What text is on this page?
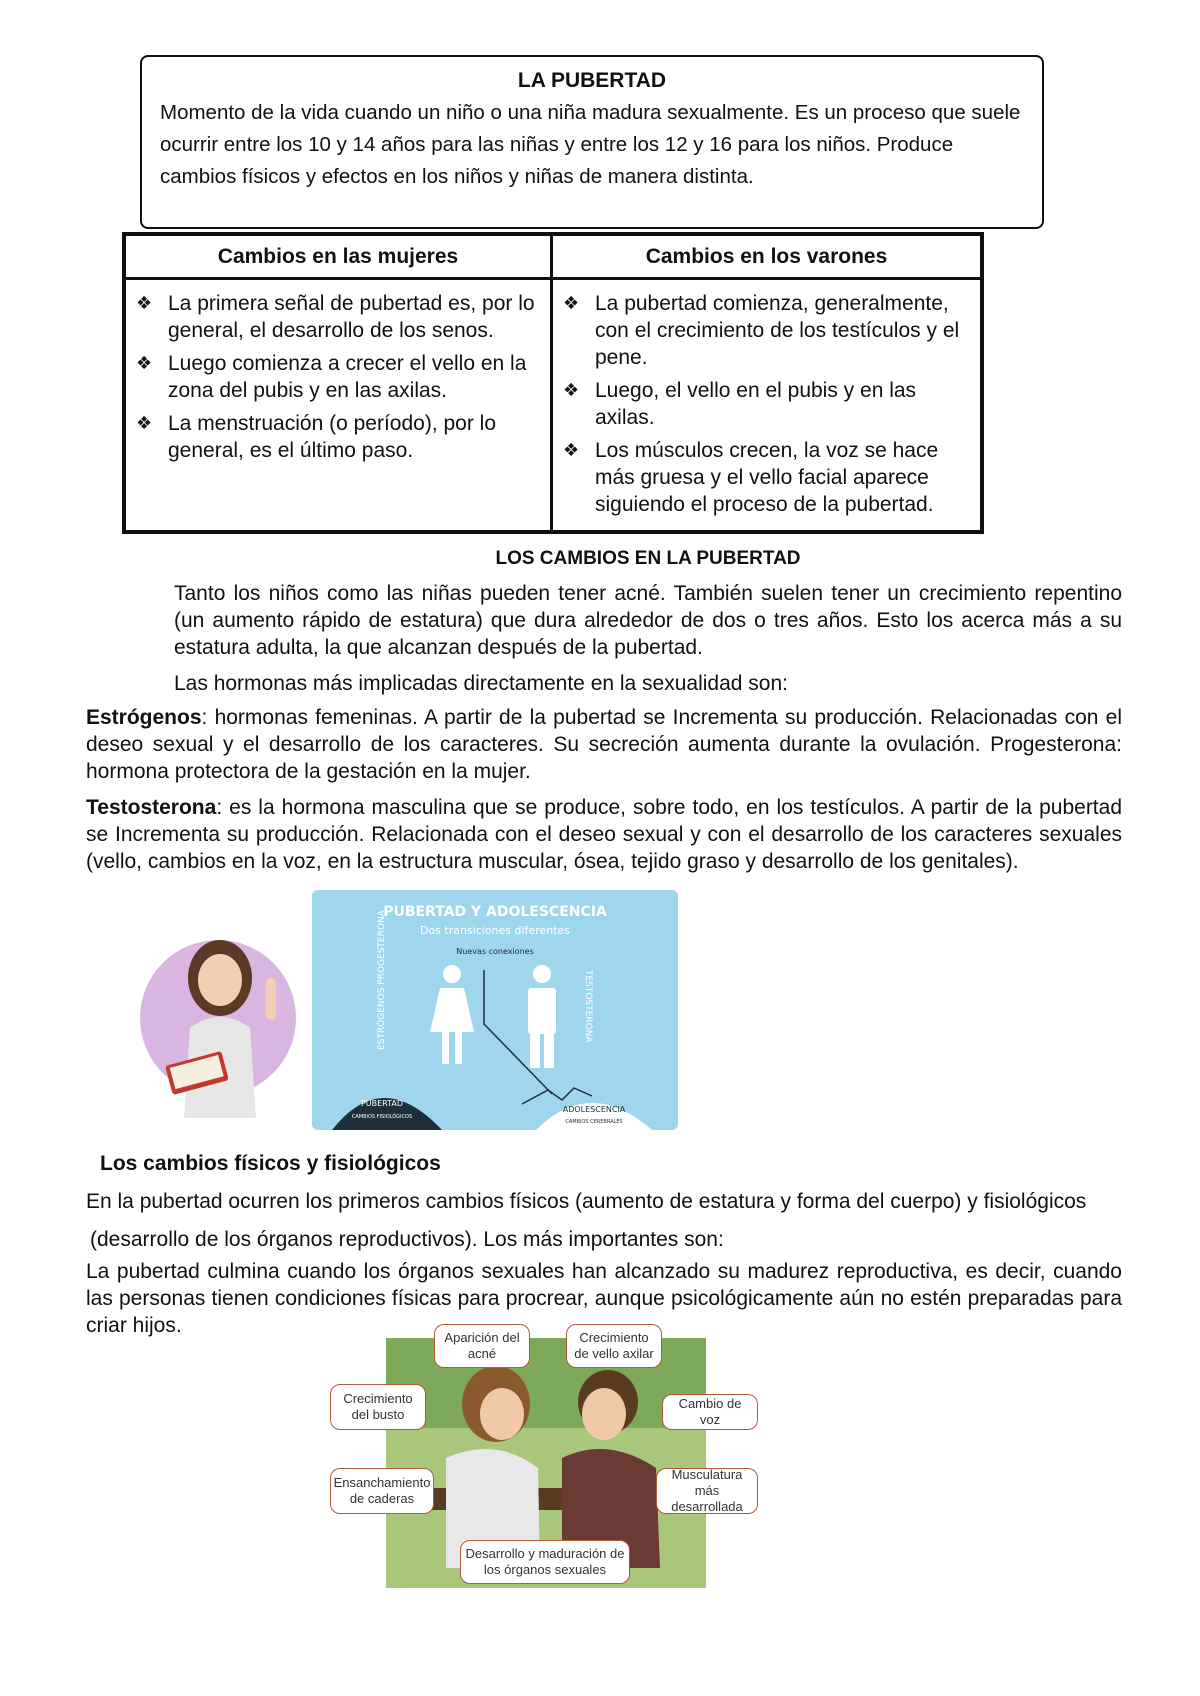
LA PUBERTAD
Momento de la vida cuando un niño o una niña madura sexualmente. Es un proceso que suele ocurrir entre los 10 y 14 años para las niñas y entre los 12 y 16 para los niños. Produce cambios físicos y efectos en los niños y niñas de manera distinta.
Cambios en las mujeres
❖ La primera señal de pubertad es, por lo general, el desarrollo de los senos.
❖ Luego comienza a crecer el vello en la zona del pubis y en las axilas.
❖ La menstruación (o período), por lo general, es el último paso.
Cambios en los varones
❖ La pubertad comienza, generalmente, con el crecimiento de los testículos y el pene.
❖ Luego, el vello en el pubis y en las axilas.
❖ Los músculos crecen, la voz se hace más gruesa y el vello facial aparece siguiendo el proceso de la pubertad.
LOS CAMBIOS EN LA PUBERTAD
Tanto los niños como las niñas pueden tener acné. También suelen tener un crecimiento repentino (un aumento rápido de estatura) que dura alrededor de dos o tres años. Esto los acerca más a su estatura adulta, la que alcanzan después de la pubertad.
Las hormonas más implicadas directamente en la sexualidad son:
Estrógenos: hormonas femeninas. A partir de la pubertad se Incrementa su producción. Relacionadas con el deseo sexual y el desarrollo de los caracteres. Su secreción aumenta durante la ovulación. Progesterona: hormona protectora de la gestación en la mujer.
Testosterona: es la hormona masculina que se produce, sobre todo, en los testículos. A partir de la pubertad se Incrementa su producción. Relacionada con el deseo sexual y con el desarrollo de los caracteres sexuales (vello, cambios en la voz, en la estructura muscular, ósea, tejido graso y desarrollo de los genitales).
PUBERTAD Y ADOLESCENCIA
Dos transiciones diferentes
Nuevas conexiones
ESTRÓGENOS PROGESTERONA	TESTOSTERONA
PUBERTAD
CAMBIOS FISIOLÓGICOS
ADOLESCENCIA
CAMBIOS CEREBRALES
Los cambios físicos y fisiológicos
En la pubertad ocurren los primeros cambios físicos (aumento de estatura y forma del cuerpo) y fisiológicos
(desarrollo de los órganos reproductivos). Los más importantes son:
La pubertad culmina cuando los órganos sexuales han alcanzado su madurez reproductiva, es decir, cuando las personas tienen condiciones físicas para procrear, aunque psicológicamente aún no estén preparadas para criar hijos.
Aparición del acné
Crecimiento de vello axilar
Crecimiento del busto
Cambio de voz
Ensanchamiento de caderas
Musculatura más desarrollada
Desarrollo y maduración de los órganos sexuales
